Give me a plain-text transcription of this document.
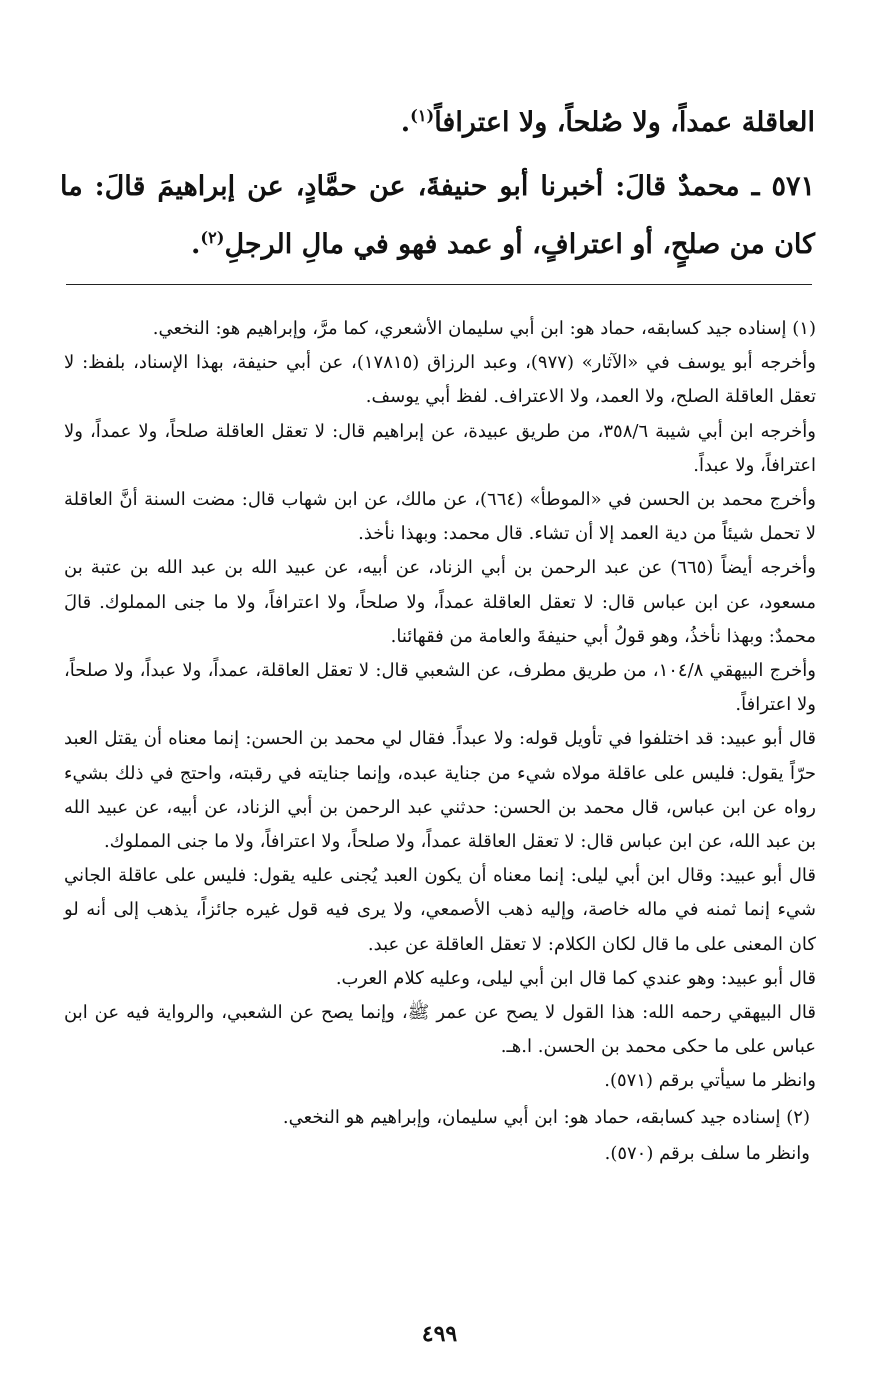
العاقلة عمداً، ولا صُلحاً، ولا اعترافاً$^{(١)}$.

٥٧١ ـ محمدٌ قالَ: أخبرنا أبو حنيفةَ، عن حمَّادٍ، عن إبراهيمَ قالَ: ما كان من صلحٍ، أو اعترافٍ، أو عمد فهو في مالِ الرجلِ$^{(٢)}$.

(١) إسناده جيد كسابقه، حماد هو: ابن أبي سليمان الأشعري، كما مرَّ، وإبراهيم هو: النخعي.

وأخرجه أبو يوسف في «الآثار» (٩٧٧)، وعبد الرزاق (١٧٨١٥)، عن أبي حنيفة، بهذا الإسناد، بلفظ: لا تعقل العاقلة الصلح، ولا العمد، ولا الاعتراف. لفظ أبي يوسف.

وأخرجه ابن أبي شيبة ٣٥٨/٦، من طريق عبيدة، عن إبراهيم قال: لا تعقل العاقلة صلحاً، ولا عمداً، ولا اعترافاً، ولا عبداً.

وأخرج محمد بن الحسن في «الموطأ» (٦٦٤)، عن مالك، عن ابن شهاب قال: مضت السنة أنَّ العاقلة لا تحمل شيئاً من دية العمد إلا أن تشاء. قال محمد: وبهذا نأخذ.

وأخرجه أيضاً (٦٦٥) عن عبد الرحمن بن أبي الزناد، عن أبيه، عن عبيد الله بن عبد الله بن عتبة بن مسعود، عن ابن عباس قال: لا تعقل العاقلة عمداً، ولا صلحاً، ولا اعترافاً، ولا ما جنى المملوك. قالَ محمدٌ: وبهذا نأخذُ، وهو قولُ أبي حنيفةَ والعامة من فقهائنا.

وأخرج البيهقي ١٠٤/٨، من طريق مطرف، عن الشعبي قال: لا تعقل العاقلة، عمداً، ولا عبداً، ولا صلحاً، ولا اعترافاً.

قال أبو عبيد: قد اختلفوا في تأويل قوله: ولا عبداً. فقال لي محمد بن الحسن: إنما معناه أن يقتل العبد حرّاً يقول: فليس على عاقلة مولاه شيء من جناية عبده، وإنما جنايته في رقبته، واحتج في ذلك بشيء رواه عن ابن عباس، قال محمد بن الحسن: حدثني عبد الرحمن بن أبي الزناد، عن أبيه، عن عبيد الله بن عبد الله، عن ابن عباس قال: لا تعقل العاقلة عمداً، ولا صلحاً، ولا اعترافاً، ولا ما جنى المملوك.

قال أبو عبيد: وقال ابن أبي ليلى: إنما معناه أن يكون العبد يُجنى عليه يقول: فليس على عاقلة الجاني شيء إنما ثمنه في ماله خاصة، وإليه ذهب الأصمعي، ولا يرى فيه قول غيره جائزاً، يذهب إلى أنه لو كان المعنى على ما قال لكان الكلام: لا تعقل العاقلة عن عبد.

قال أبو عبيد: وهو عندي كما قال ابن أبي ليلى، وعليه كلام العرب.

قال البيهقي رحمه الله: هذا القول لا يصح عن عمر ﷺ، وإنما يصح عن الشعبي، والرواية فيه عن ابن عباس على ما حكى محمد بن الحسن. ا.هـ.

وانظر ما سيأتي برقم (٥٧١).

(٢) إسناده جيد كسابقه، حماد هو: ابن أبي سليمان، وإبراهيم هو النخعي.

وانظر ما سلف برقم (٥٧٠).

٤٩٩
